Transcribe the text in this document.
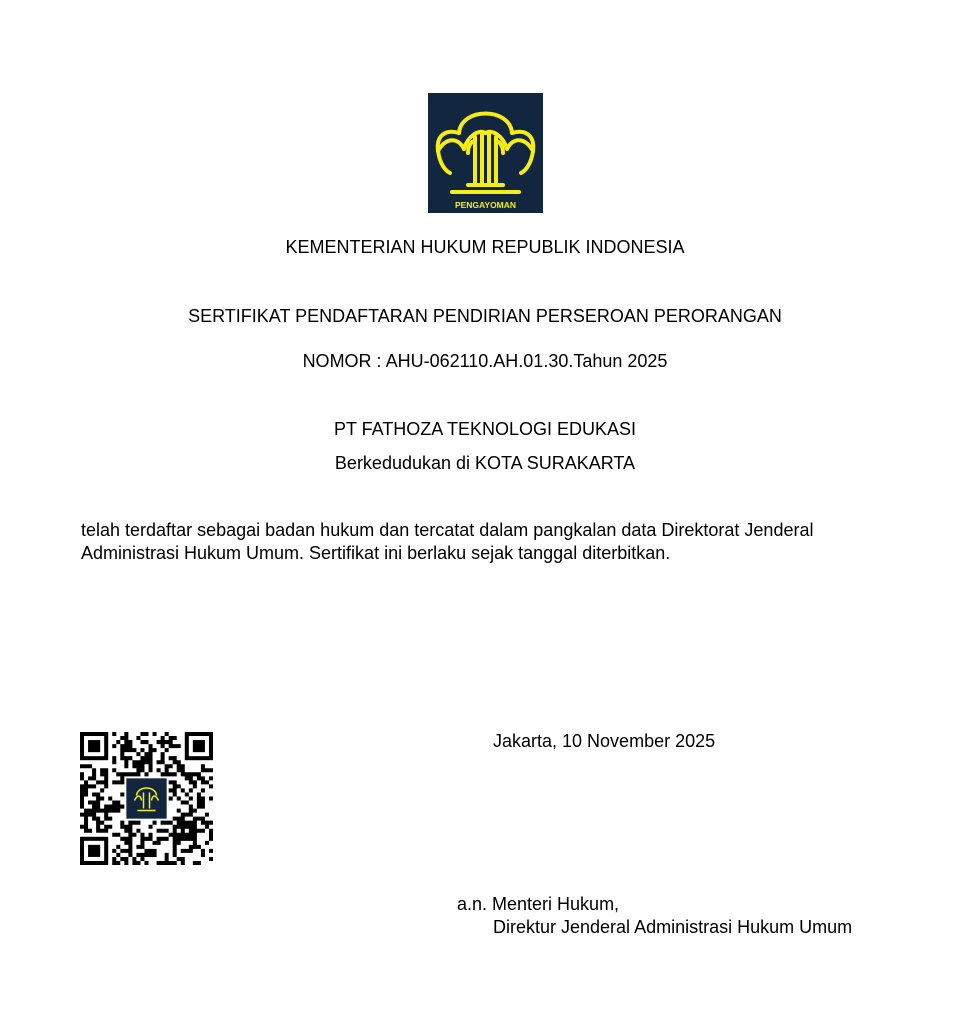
PENGAYOMAN
KEMENTERIAN HUKUM REPUBLIK INDONESIA
SERTIFIKAT PENDAFTARAN PENDIRIAN PERSEROAN PERORANGAN
NOMOR : AHU-062110.AH.01.30.Tahun 2025
PT FATHOZA TEKNOLOGI EDUKASI
Berkedudukan di KOTA SURAKARTA
telah terdaftar sebagai badan hukum dan tercatat dalam pangkalan data Direktorat Jenderal
Administrasi Hukum Umum. Sertifikat ini berlaku sejak tanggal diterbitkan.
Jakarta, 10 November 2025
a.n. Menteri Hukum,
Direktur Jenderal Administrasi Hukum Umum
